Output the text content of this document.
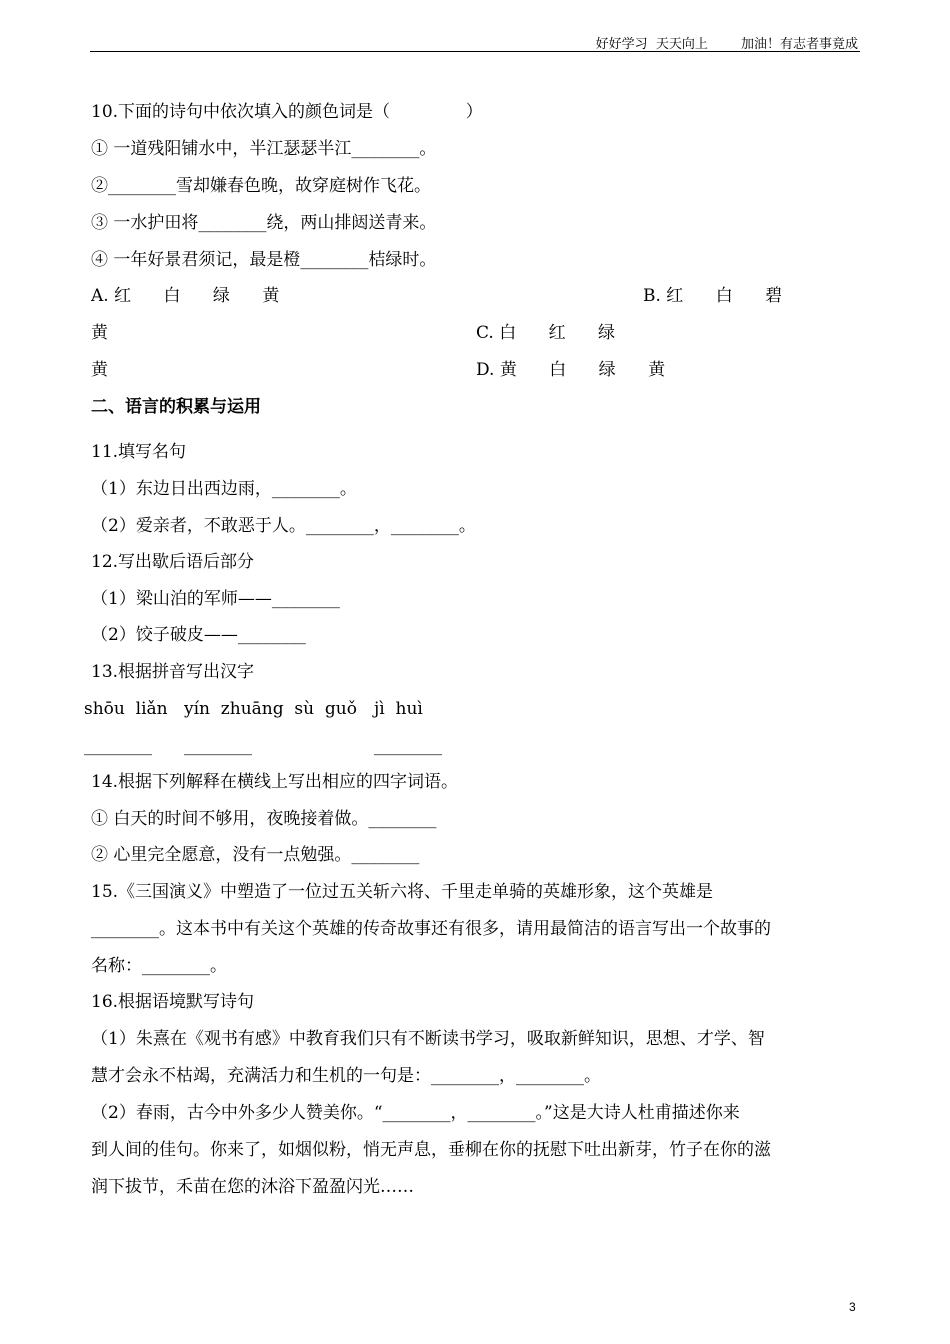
好好学习  天天向上        加油！有志者事竟成
10.下面的诗句中依次填入的颜色词是（              ）
① 一道残阳铺水中，半江瑟瑟半江________。
②________雪却嫌春色晚，故穿庭树作飞花。
③ 一水护田将________绕，两山排闼送青来。
④ 一年好景君须记，最是橙________桔绿时。
A. 红      白      绿      黄	B. 红      白      碧
黄	C. 白      红      绿
黄	D. 黄      白      绿      黄
二、语言的积累与运用
11.填写名句
（1）东边日出西边雨，________。
（2）爱亲者，不敢恶于人。________，________。
12.写出歇后语后部分
（1）梁山泊的军师——________
（2）饺子破皮——________
13.根据拼音写出汉字
shōu  liǎn yín  zhuāng  sù  guǒ jì  huì
________ ________	________
14.根据下列解释在横线上写出相应的四字词语。
① 白天的时间不够用，夜晚接着做。________
② 心里完全愿意，没有一点勉强。________
15.《三国演义》中塑造了一位过五关斩六将、千里走单骑的英雄形象，这个英雄是
________。这本书中有关这个英雄的传奇故事还有很多，请用最简洁的语言写出一个故事的
名称：________。
16.根据语境默写诗句
（1）朱熹在《观书有感》中教育我们只有不断读书学习，吸取新鲜知识，思想、才学、智
慧才会永不枯竭，充满活力和生机的一句是：________，________。
（2）春雨，古今中外多少人赞美你。“________，________。”这是大诗人杜甫描述你来
到人间的佳句。你来了，如烟似粉，悄无声息，垂柳在你的抚慰下吐出新芽，竹子在你的滋
润下拔节，禾苗在您的沐浴下盈盈闪光……
3
